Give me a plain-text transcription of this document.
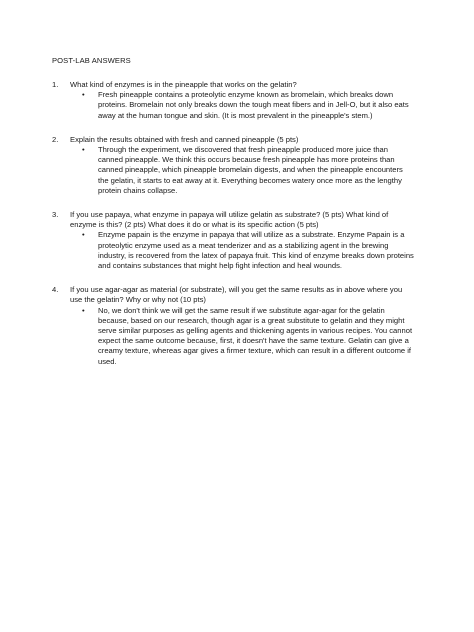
POST-LAB ANSWERS
1. What kind of enzymes is in the pineapple that works on the gelatin?
• Fresh pineapple contains a proteolytic enzyme known as bromelain, which breaks down proteins. Bromelain not only breaks down the tough meat fibers and in Jell-O, but it also eats away at the human tongue and skin. (It is most prevalent in the pineapple's stem.)
2. Explain the results obtained with fresh and canned pineapple (5 pts)
• Through the experiment, we discovered that fresh pineapple produced more juice than canned pineapple. We think this occurs because fresh pineapple has more proteins than canned pineapple, which pineapple bromelain digests, and when the pineapple encounters the gelatin, it starts to eat away at it. Everything becomes watery once more as the lengthy protein chains collapse.
3. If you use papaya, what enzyme in papaya will utilize gelatin as substrate? (5 pts) What kind of enzyme is this? (2 pts) What does it do or what is its specific action (5 pts)
• Enzyme papain is the enzyme in papaya that will utilize as a substrate. Enzyme Papain is a proteolytic enzyme used as a meat tenderizer and as a stabilizing agent in the brewing industry, is recovered from the latex of papaya fruit. This kind of enzyme breaks down proteins and contains substances that might help fight infection and heal wounds.
4. If you use agar-agar as material (or substrate), will you get the same results as in above where you use the gelatin? Why or why not (10 pts)
• No, we don't think we will get the same result if we substitute agar-agar for the gelatin because, based on our research, though agar is a great substitute to gelatin and they might serve similar purposes as gelling agents and thickening agents in various recipes. You cannot expect the same outcome because, first, it doesn't have the same texture. Gelatin can give a creamy texture, whereas agar gives a firmer texture, which can result in a different outcome if used.
